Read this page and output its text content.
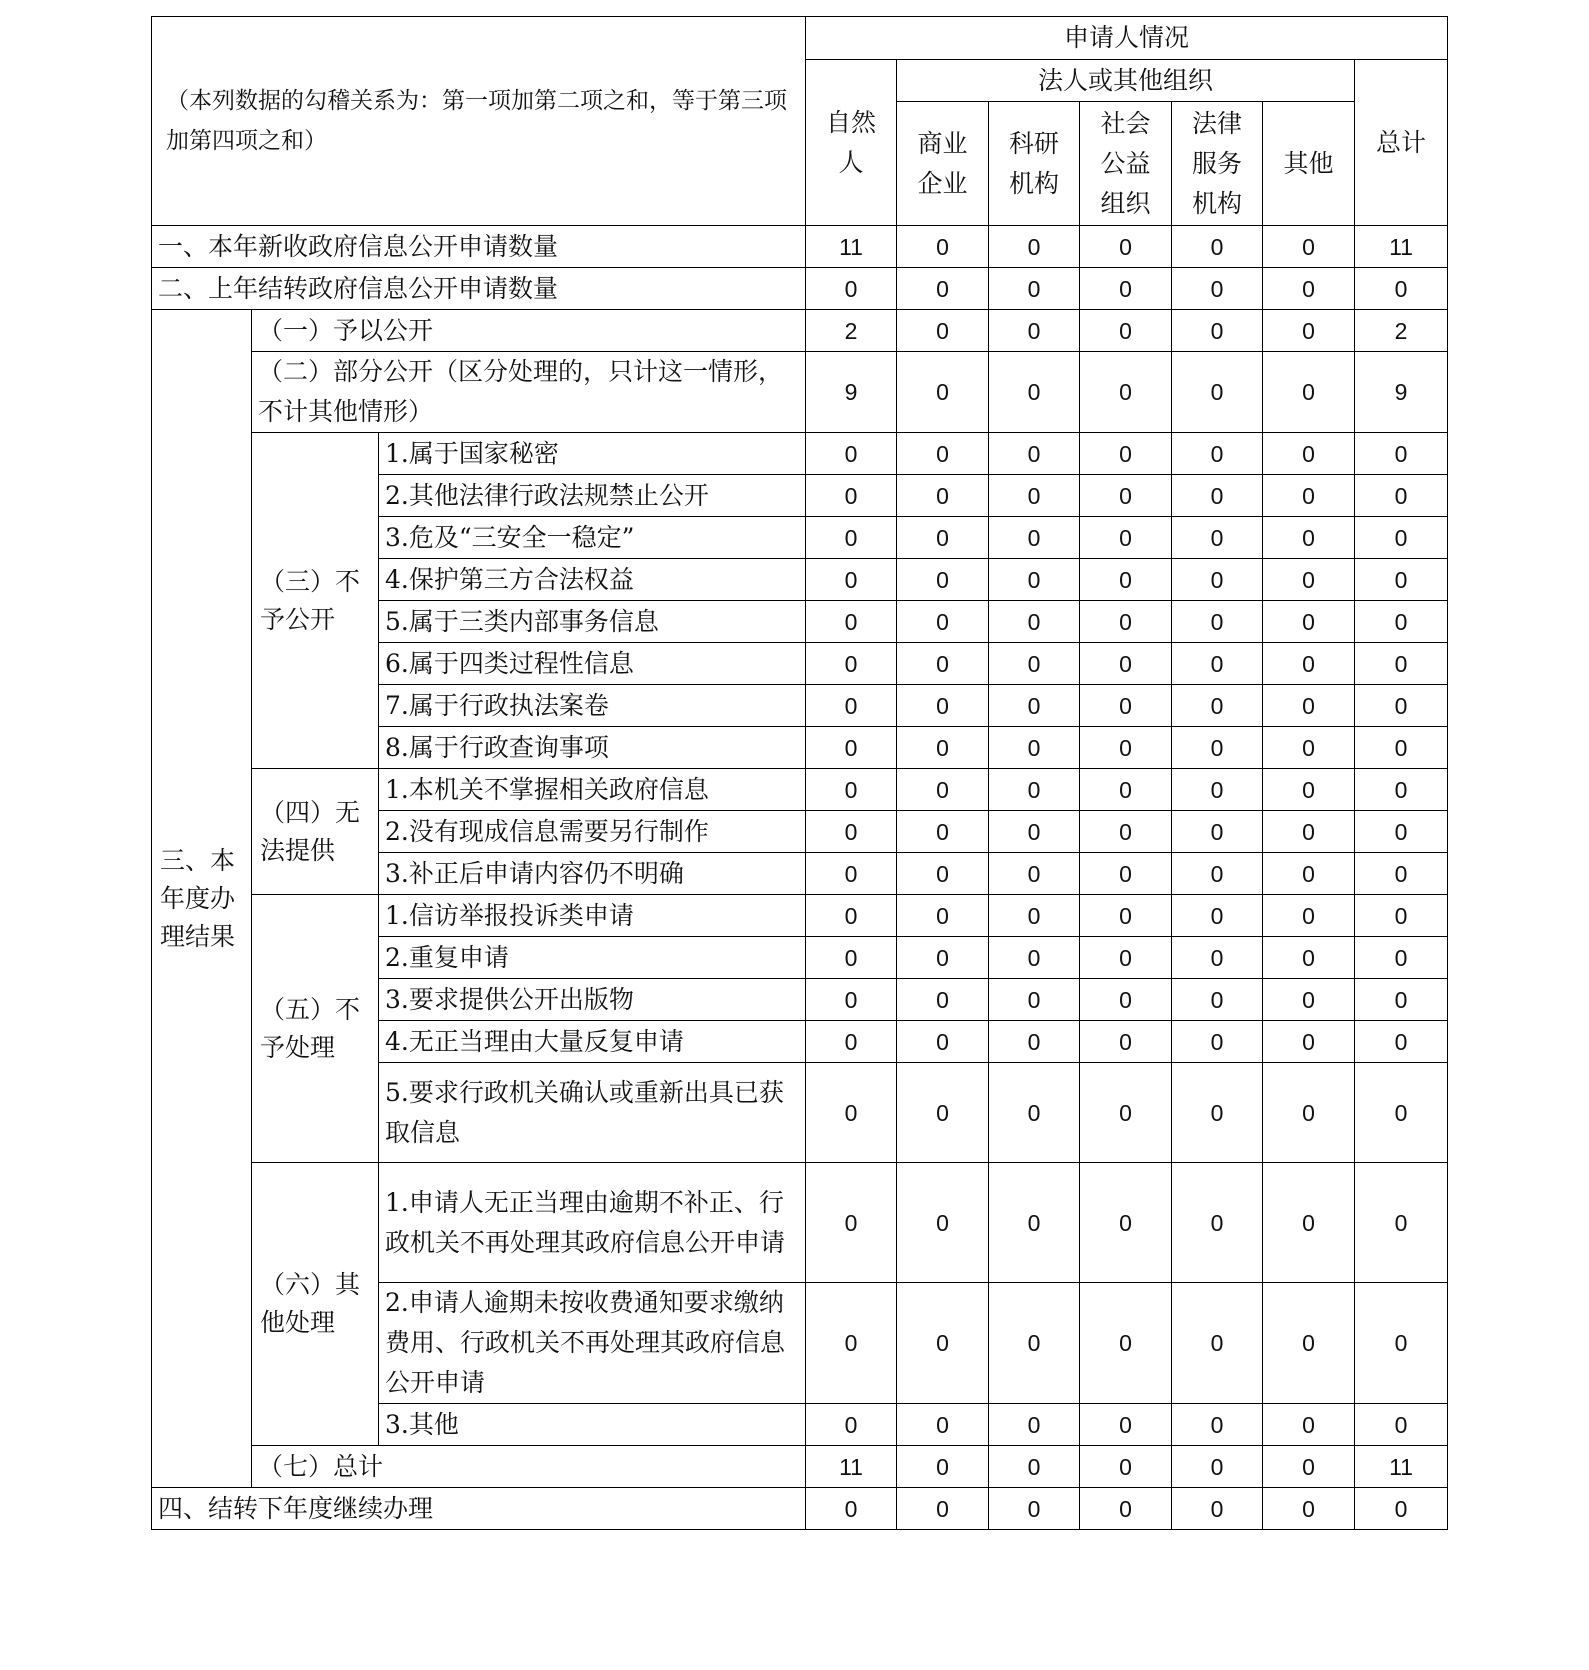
（本列数据的勾稽关系为：第一项加第二项之和，等于第三项加第四项之和）			申请人情况						
			自然人	法人或其他组织					总计
				商业企业	科研机构	社会公益组织	法律服务机构	其他	
一、本年新收政府信息公开申请数量			11	0	0	0	0	0	11
二、上年结转政府信息公开申请数量			0	0	0	0	0	0	0
三、本年度办理结果	（一）予以公开		2	0	0	0	0	0	2
	（二）部分公开（区分处理的，只计这一情形，不计其他情形）		9	0	0	0	0	0	9
	（三）不予公开	1.属于国家秘密	0	0	0	0	0	0	0
		2.其他法律行政法规禁止公开	0	0	0	0	0	0	0
		3.危及“三安全一稳定”	0	0	0	0	0	0	0
		4.保护第三方合法权益	0	0	0	0	0	0	0
		5.属于三类内部事务信息	0	0	0	0	0	0	0
		6.属于四类过程性信息	0	0	0	0	0	0	0
		7.属于行政执法案卷	0	0	0	0	0	0	0
		8.属于行政查询事项	0	0	0	0	0	0	0
	（四）无法提供	1.本机关不掌握相关政府信息	0	0	0	0	0	0	0
		2.没有现成信息需要另行制作	0	0	0	0	0	0	0
		3.补正后申请内容仍不明确	0	0	0	0	0	0	0
	（五）不予处理	1.信访举报投诉类申请	0	0	0	0	0	0	0
		2.重复申请	0	0	0	0	0	0	0
		3.要求提供公开出版物	0	0	0	0	0	0	0
		4.无正当理由大量反复申请	0	0	0	0	0	0	0
		5.要求行政机关确认或重新出具已获取信息	0	0	0	0	0	0	0
	（六）其他处理	1.申请人无正当理由逾期不补正、行政机关不再处理其政府信息公开申请	0	0	0	0	0	0	0
		2.申请人逾期未按收费通知要求缴纳费用、行政机关不再处理其政府信息公开申请	0	0	0	0	0	0	0
		3.其他	0	0	0	0	0	0	0
	（七）总计		11	0	0	0	0	0	11
四、结转下年度继续办理			0	0	0	0	0	0	0
